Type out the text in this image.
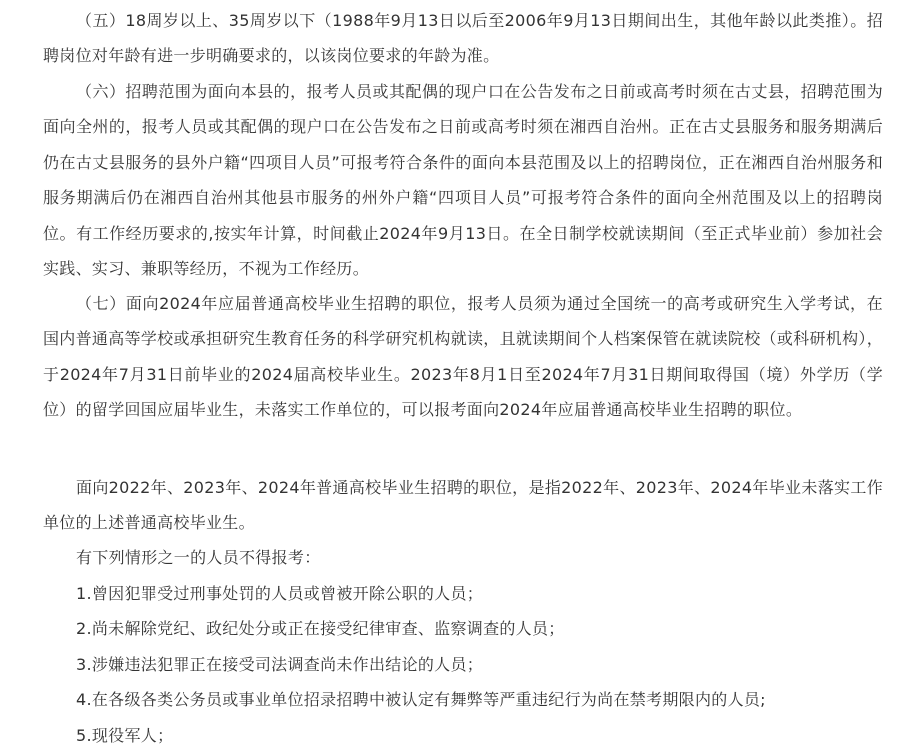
（五）18周岁以上、35周岁以下（1988年9月13日以后至2006年9月13日期间出生，其他年龄以此类推）。招聘岗位对年龄有进一步明确要求的，以该岗位要求的年龄为准。

（六）招聘范围为面向本县的，报考人员或其配偶的现户口在公告发布之日前或高考时须在古丈县，招聘范围为面向全州的，报考人员或其配偶的现户口在公告发布之日前或高考时须在湘西自治州。正在古丈县服务和服务期满后仍在古丈县服务的县外户籍“四项目人员”可报考符合条件的面向本县范围及以上的招聘岗位，正在湘西自治州服务和服务期满后仍在湘西自治州其他县市服务的州外户籍“四项目人员”可报考符合条件的面向全州范围及以上的招聘岗位。有工作经历要求的,按实年计算，时间截止2024年9月13日。在全日制学校就读期间（至正式毕业前）参加社会实践、实习、兼职等经历，不视为工作经历。

（七）面向2024年应届普通高校毕业生招聘的职位，报考人员须为通过全国统一的高考或研究生入学考试，在国内普通高等学校或承担研究生教育任务的科学研究机构就读，且就读期间个人档案保管在就读院校（或科研机构），于2024年7月31日前毕业的2024届高校毕业生。2023年8月1日至2024年7月31日期间取得国（境）外学历（学位）的留学回国应届毕业生，未落实工作单位的，可以报考面向2024年应届普通高校毕业生招聘的职位。

面向2022年、2023年、2024年普通高校毕业生招聘的职位，是指2022年、2023年、2024年毕业未落实工作单位的上述普通高校毕业生。

有下列情形之一的人员不得报考：

1.曾因犯罪受过刑事处罚的人员或曾被开除公职的人员；

2.尚未解除党纪、政纪处分或正在接受纪律审查、监察调查的人员；

3.涉嫌违法犯罪正在接受司法调查尚未作出结论的人员；

4.在各级各类公务员或事业单位招录招聘中被认定有舞弊等严重违纪行为尚在禁考期限内的人员;

5.现役军人；
